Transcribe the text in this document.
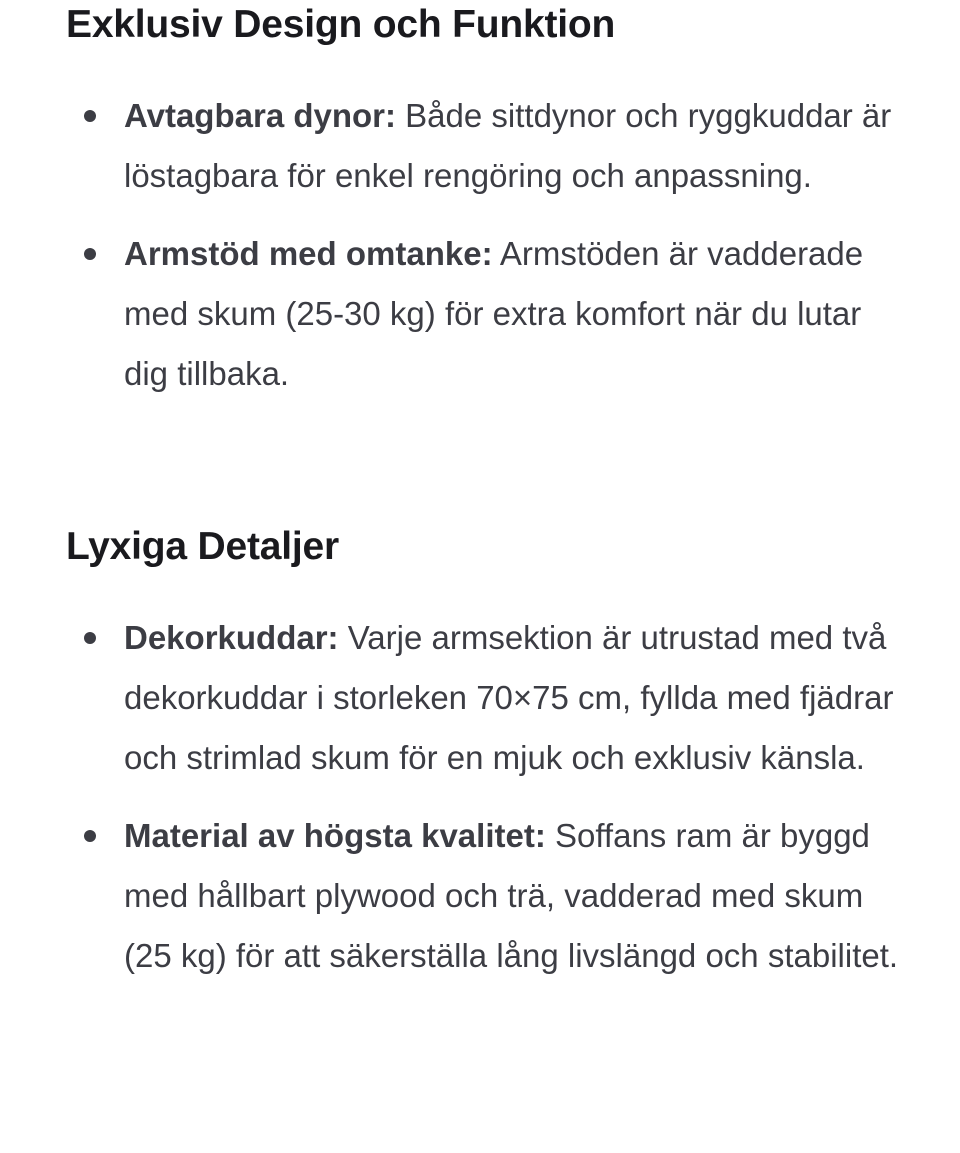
Exklusiv Design och Funktion
Avtagbara dynor: Både sittdynor och ryggkuddar är löstagbara för enkel rengöring och anpassning.
Armstöd med omtanke: Armstöden är vadderade med skum (25-30 kg) för extra komfort när du lutar dig tillbaka.
Lyxiga Detaljer
Dekorkuddar: Varje armsektion är utrustad med två dekorkuddar i storleken 70×75 cm, fyllda med fjädrar och strimlad skum för en mjuk och exklusiv känsla.
Material av högsta kvalitet: Soffans ram är byggd med hållbart plywood och trä, vadderad med skum (25 kg) för att säkerställa lång livslängd och stabilitet.
